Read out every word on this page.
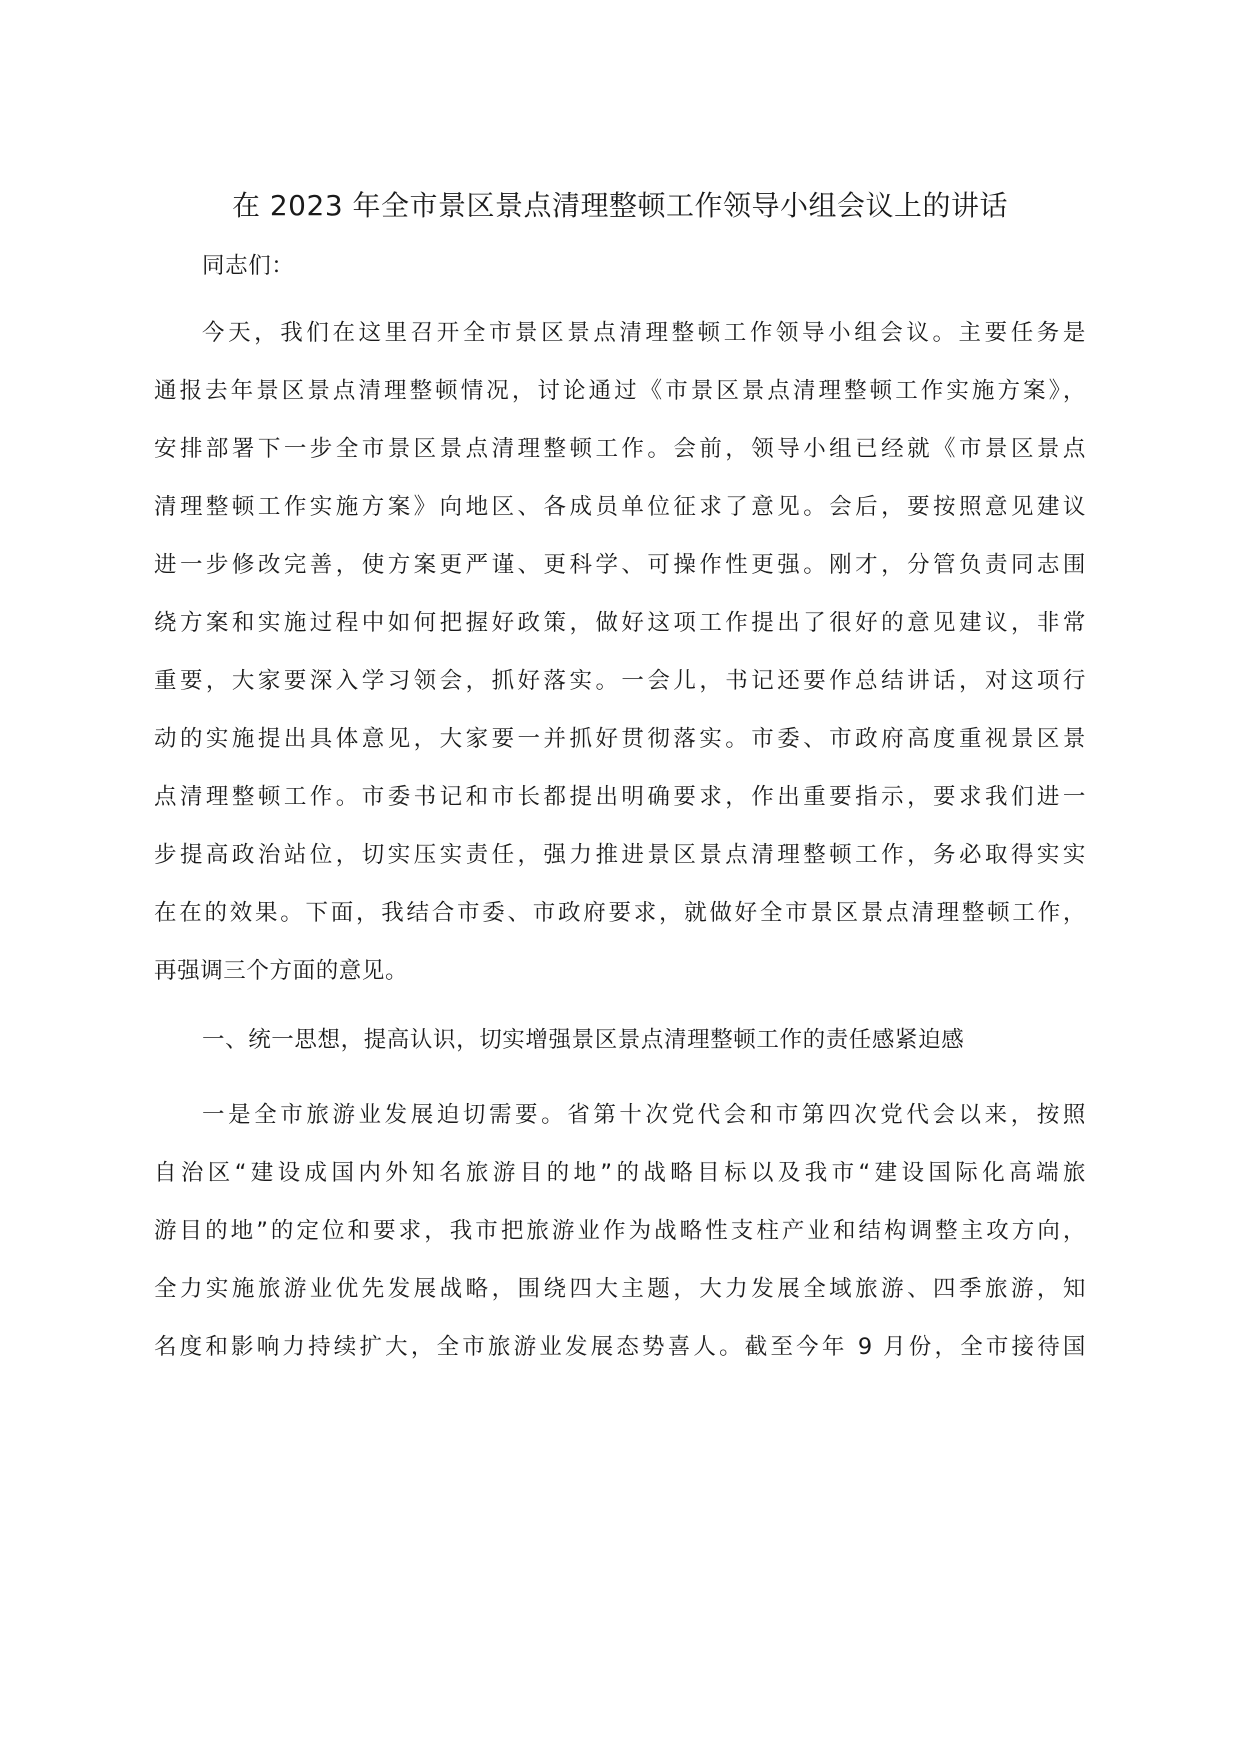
在 2023 年全市景区景点清理整顿工作领导小组会议上的讲话
同志们：
今天，我们在这里召开全市景区景点清理整顿工作领导小组会议。主要任务是
通报去年景区景点清理整顿情况，讨论通过《市景区景点清理整顿工作实施方案》，
安排部署下一步全市景区景点清理整顿工作。会前，领导小组已经就《市景区景点
清理整顿工作实施方案》向地区、各成员单位征求了意见。会后，要按照意见建议
进一步修改完善，使方案更严谨、更科学、可操作性更强。刚才，分管负责同志围
绕方案和实施过程中如何把握好政策，做好这项工作提出了很好的意见建议，非常
重要，大家要深入学习领会，抓好落实。一会儿，书记还要作总结讲话，对这项行
动的实施提出具体意见，大家要一并抓好贯彻落实。市委、市政府高度重视景区景
点清理整顿工作。市委书记和市长都提出明确要求，作出重要指示，要求我们进一
步提高政治站位，切实压实责任，强力推进景区景点清理整顿工作，务必取得实实
在在的效果。下面，我结合市委、市政府要求，就做好全市景区景点清理整顿工作，
再强调三个方面的意见。
一、统一思想，提高认识，切实增强景区景点清理整顿工作的责任感紧迫感
一是全市旅游业发展迫切需要。省第十次党代会和市第四次党代会以来，按照
自治区“建设成国内外知名旅游目的地”的战略目标以及我市“建设国际化高端旅
游目的地”的定位和要求，我市把旅游业作为战略性支柱产业和结构调整主攻方向，
全力实施旅游业优先发展战略，围绕四大主题，大力发展全域旅游、四季旅游，知
名度和影响力持续扩大，全市旅游业发展态势喜人。截至今年 9 月份，全市接待国
